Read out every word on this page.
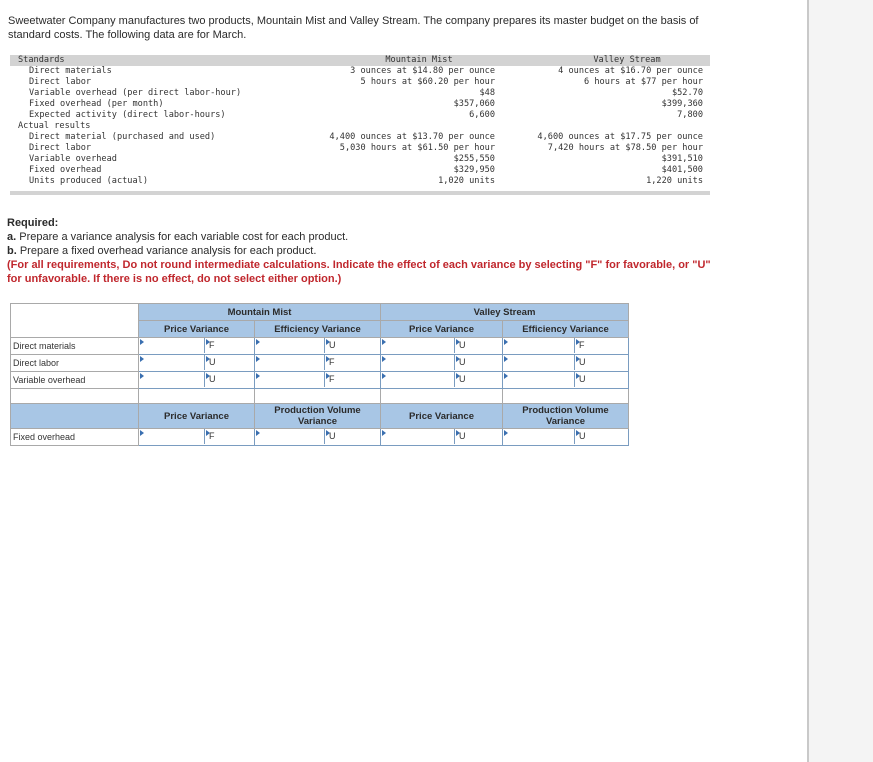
Sweetwater Company manufactures two products, Mountain Mist and Valley Stream. The company prepares its master budget on the basis of standard costs. The following data are for March.
Standards	Mountain Mist	Valley Stream
Direct materials	3 ounces at $14.80 per ounce	4 ounces at $16.70 per ounce
Direct labor	5 hours at $60.20 per hour	6 hours at $77 per hour
Variable overhead (per direct labor-hour)	$48	$52.70
Fixed overhead (per month)	$357,060	$399,360
Expected activity (direct labor-hours)	6,600	7,800
Actual results
Direct material (purchased and used)	4,400 ounces at $13.70 per ounce	4,600 ounces at $17.75 per ounce
Direct labor	5,030 hours at $61.50 per hour	7,420 hours at $78.50 per hour
Variable overhead	$255,550	$391,510
Fixed overhead	$329,950	$401,500
Units produced (actual)	1,020 units	1,220 units
Required:
a. Prepare a variance analysis for each variable cost for each product.
b. Prepare a fixed overhead variance analysis for each product.
(For all requirements, Do not round intermediate calculations. Indicate the effect of each variance by selecting "F" for favorable, or "U" for unfavorable. If there is no effect, do not select either option.)
	Mountain Mist		Valley Stream	
	Price Variance	Efficiency Variance	Price Variance	Efficiency Variance
Direct materials	F	U	U	F

Direct labor	U	F	U	U

Variable overhead	U	F	U	U

	Price Variance	Production Volume Variance	Price Variance	Production Volume Variance
Fixed overhead	F	U	U	U
